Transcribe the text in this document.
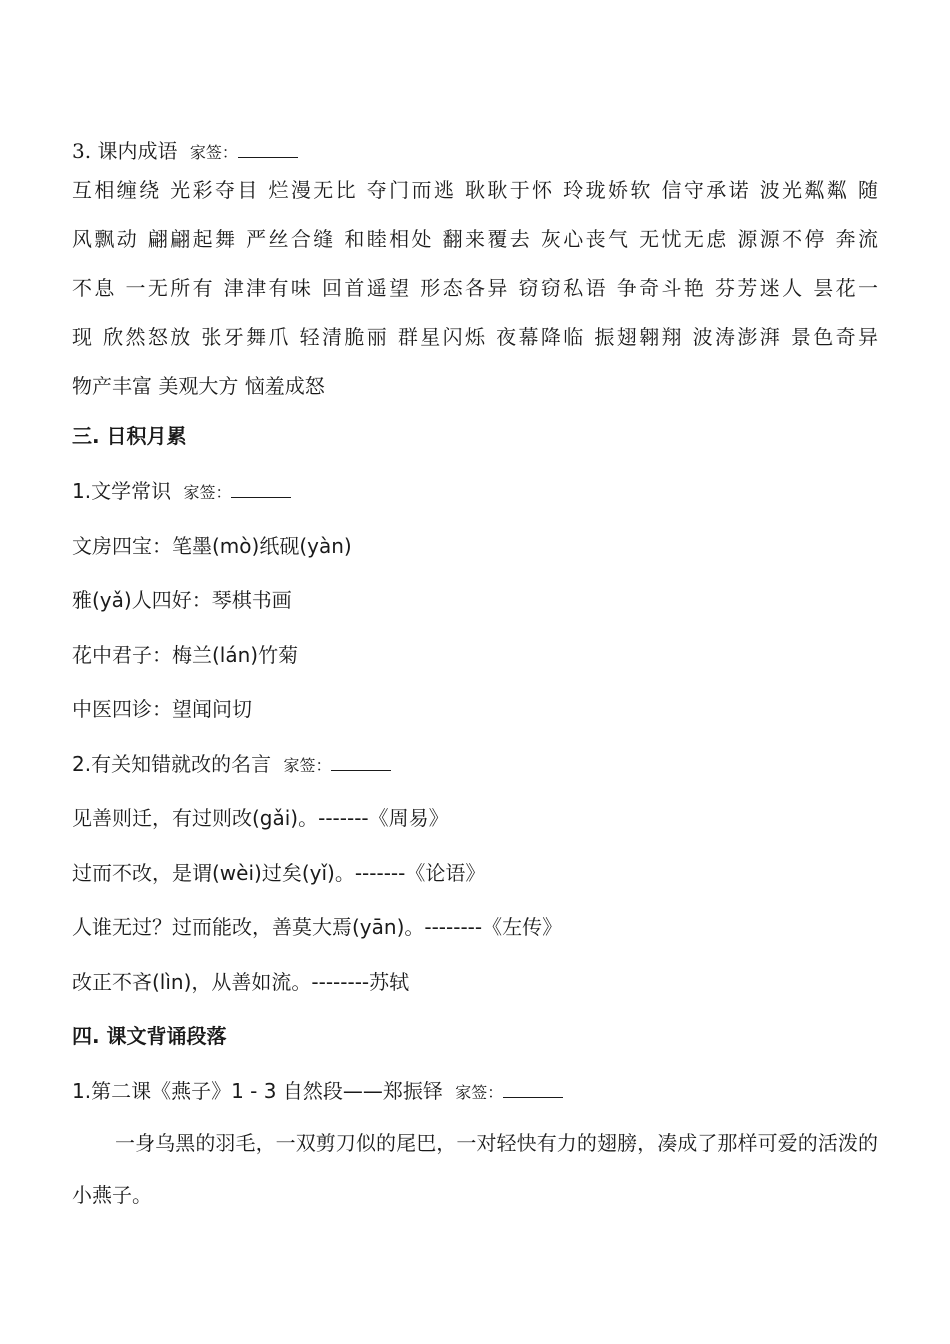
3. 课内成语 家签：
互相缠绕 光彩夺目 烂漫无比 夺门而逃 耿耿于怀 玲珑娇软 信守承诺 波光粼粼 随
风飘动 翩翩起舞 严丝合缝 和睦相处 翻来覆去 灰心丧气 无忧无虑 源源不停 奔流
不息 一无所有 津津有味 回首遥望 形态各异 窃窃私语 争奇斗艳 芬芳迷人 昙花一
现 欣然怒放 张牙舞爪 轻清脆丽 群星闪烁 夜幕降临 振翅翱翔 波涛澎湃 景色奇异
物产丰富 美观大方 恼羞成怒
三. 日积月累
1.文学常识 家签：
文房四宝：笔墨(mò)纸砚(yàn)
雅(yǎ)人四好：琴棋书画
花中君子：梅兰(lán)竹菊
中医四诊：望闻问切
2.有关知错就改的名言 家签：
见善则迁，有过则改(gǎi)。-------《周易》
过而不改，是谓(wèi)过矣(yǐ)。-------《论语》
人谁无过？过而能改，善莫大焉(yān)。--------《左传》
改正不吝(lìn)，从善如流。--------苏轼
四. 课文背诵段落
1.第二课《燕子》1 - 3 自然段——郑振铎 家签：
一身乌黑的羽毛，一双剪刀似的尾巴，一对轻快有力的翅膀，凑成了那样可爱的活泼的小燕子。
